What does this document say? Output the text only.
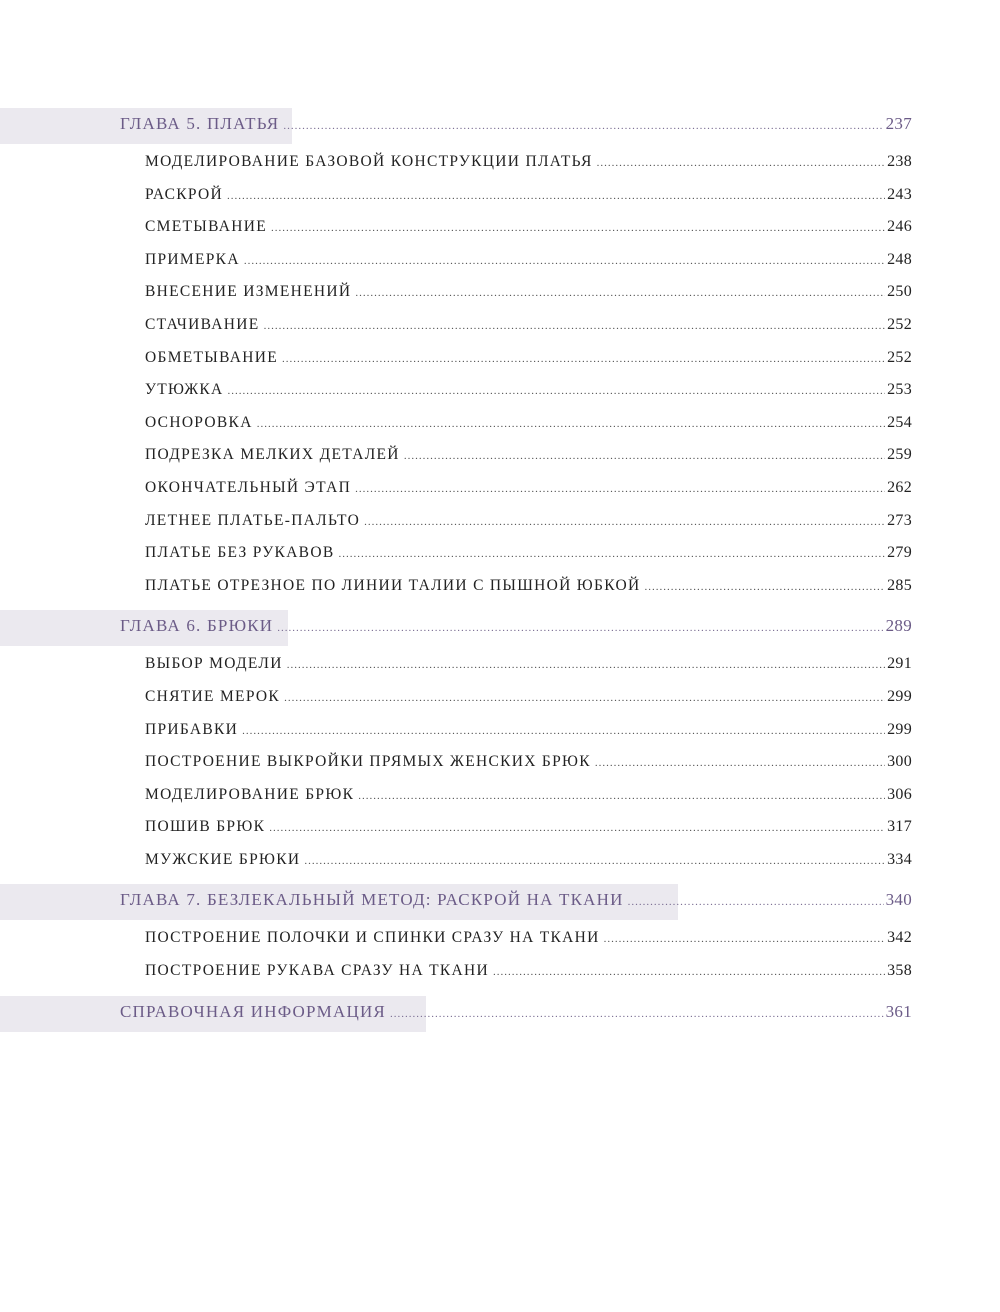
ГЛАВА 5. ПЛАТЬЯ .....	237
МОДЕЛИРОВАНИЕ БАЗОВОЙ КОНСТРУКЦИИ ПЛАТЬЯ .....	238
РАСКРОЙ .....	243
СМЕТЫВАНИЕ .....	246
ПРИМЕРКА .....	248
ВНЕСЕНИЕ ИЗМЕНЕНИЙ .....	250
СТАЧИВАНИЕ .....	252
ОБМЕТЫВАНИЕ .....	252
УТЮЖКА .....	253
ОСНОРОВКА .....	254
ПОДРЕЗКА МЕЛКИХ ДЕТАЛЕЙ .....	259
ОКОНЧАТЕЛЬНЫЙ ЭТАП .....	262
ЛЕТНЕЕ ПЛАТЬЕ-ПАЛЬТО .....	273
ПЛАТЬЕ БЕЗ РУКАВОВ .....	279
ПЛАТЬЕ ОТРЕЗНОЕ ПО ЛИНИИ ТАЛИИ С ПЫШНОЙ ЮБКОЙ .....	285
ГЛАВА 6. БРЮКИ .....	289
ВЫБОР МОДЕЛИ .....	291
СНЯТИЕ МЕРОК .....	299
ПРИБАВКИ .....	299
ПОСТРОЕНИЕ ВЫКРОЙКИ ПРЯМЫХ ЖЕНСКИХ БРЮК .....	300
МОДЕЛИРОВАНИЕ БРЮК .....	306
ПОШИВ БРЮК .....	317
МУЖСКИЕ БРЮКИ .....	334
ГЛАВА 7. БЕЗЛЕКАЛЬНЫЙ МЕТОД: РАСКРОЙ НА ТКАНИ .....	340
ПОСТРОЕНИЕ ПОЛОЧКИ И СПИНКИ СРАЗУ НА ТКАНИ .....	342
ПОСТРОЕНИЕ РУКАВА СРАЗУ НА ТКАНИ .....	358
СПРАВОЧНАЯ ИНФОРМАЦИЯ .....	361
